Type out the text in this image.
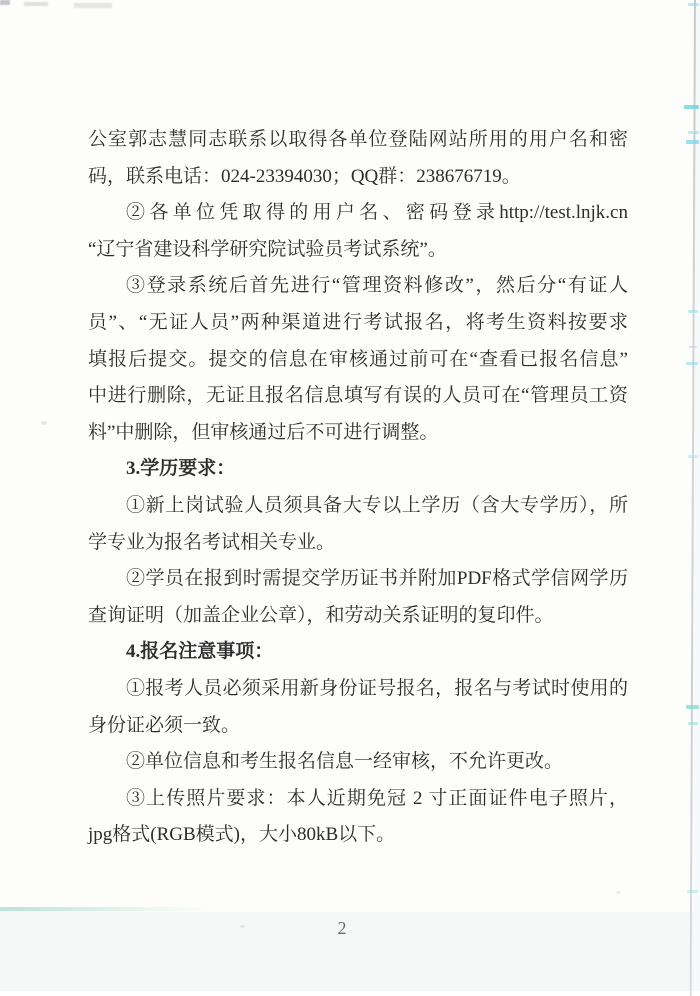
公室郭志慧同志联系以取得各单位登陆网站所用的用户名和密
码，联系电话：024-23394030；QQ群：238676719。
②各单位凭取得的用户名、密码登录http://test.lnjk.cn
“辽宁省建设科学研究院试验员考试系统”。
③登录系统后首先进行“管理资料修改”，然后分“有证人
员”、“无证人员”两种渠道进行考试报名，将考生资料按要求
填报后提交。提交的信息在审核通过前可在“查看已报名信息”
中进行删除，无证且报名信息填写有误的人员可在“管理员工资
料”中删除，但审核通过后不可进行调整。
3.学历要求：
①新上岗试验人员须具备大专以上学历（含大专学历），所
学专业为报名考试相关专业。
②学员在报到时需提交学历证书并附加PDF格式学信网学历
查询证明（加盖企业公章），和劳动关系证明的复印件。
4.报名注意事项：
①报考人员必须采用新身份证号报名，报名与考试时使用的
身份证必须一致。
②单位信息和考生报名信息一经审核，不允许更改。
③上传照片要求：本人近期免冠 2 寸正面证件电子照片，
jpg格式(RGB模式)，大小80kB以下。
2
